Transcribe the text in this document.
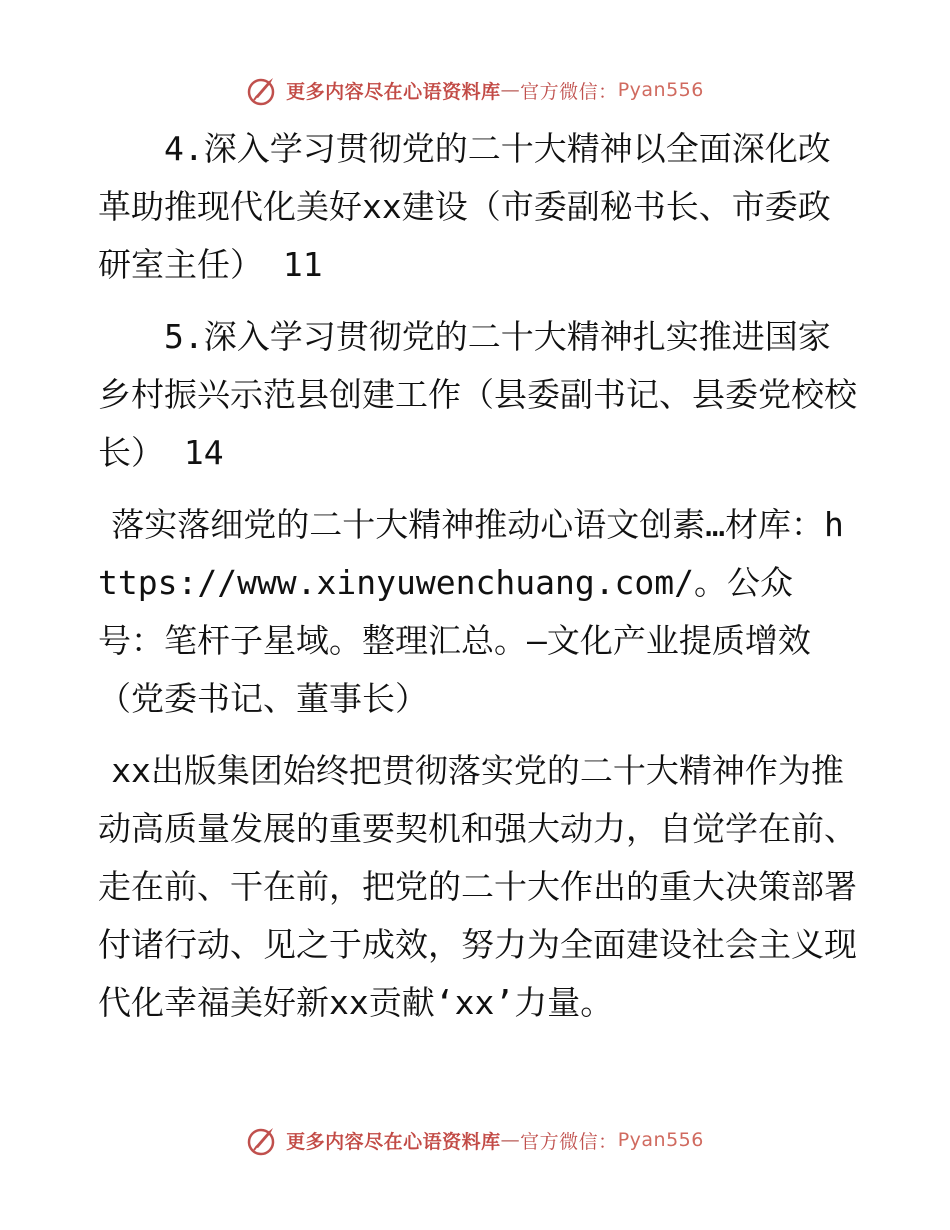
更多内容尽在心语资料库 — 官方微信： Pyan556

4.深入学习贯彻党的二十大精神以全面深化改革助推现代化美好xx建设（市委副秘书长、市委政研室主任） 11

5.深入学习贯彻党的二十大精神扎实推进国家乡村振兴示范县创建工作（县委副书记、县委党校校长） 14

落实落细党的二十大精神推动心语文创素…材库：https://www.xinyuwenchuang.com/。公众号：笔杆子星域。整理汇总。—文化产业提质增效（党委书记、董事长）

xx出版集团始终把贯彻落实党的二十大精神作为推动高质量发展的重要契机和强大动力，自觉学在前、走在前、干在前，把党的二十大作出的重大决策部署付诸行动、见之于成效，努力为全面建设社会主义现代化幸福美好新xx贡献‘xx’力量。

更多内容尽在心语资料库 — 官方微信： Pyan556
